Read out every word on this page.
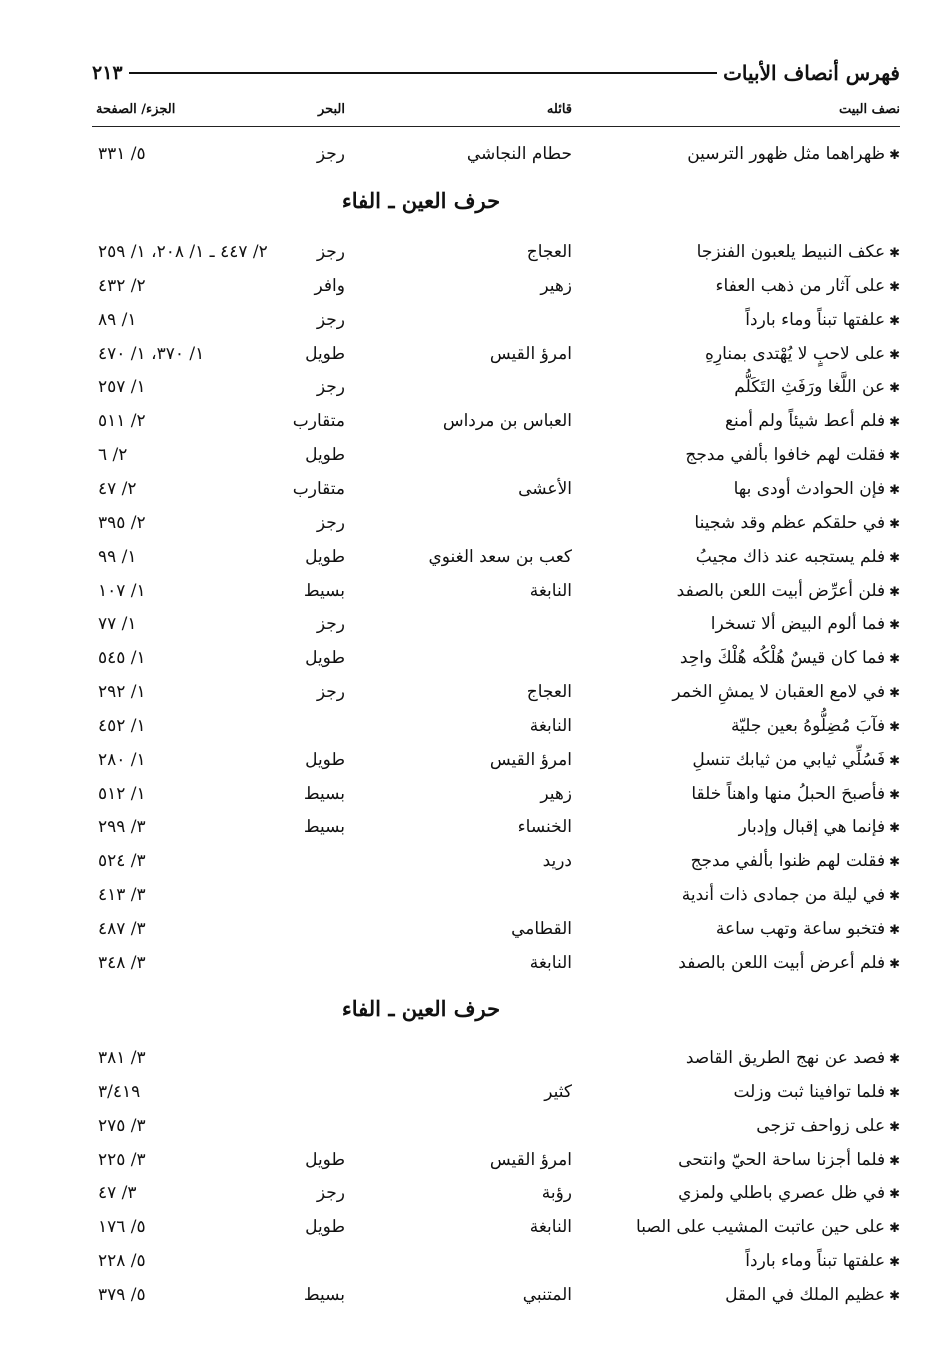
فهرس أنصاف الأبيات
٢١٣
نصف البيت
قائله
البحر
الجزء/ الصفحة
✱ظهراهما مثل ظهور الترسين
حطام النجاشي
رجز
٥/ ٣٣١
حرف العين ـ الفاء
✱عكف النبيط يلعبون الفنزجا
العجاج
رجز
٢/ ٤٤٧ ـ ١/ ٢٠٨، ١/ ٢٥٩
✱على آثار من ذهب العفاء
زهير
وافر
٢/ ٤٣٢
✱علفتها تبناً وماء بارداً
رجز
١/ ٨٩
✱على لاحبٍ لا يُهْتدى بمنارِهِ
امرؤ القيس
طويل
١/ ٣٧٠، ١/ ٤٧٠
✱عن اللَّغا ورَفَثِ التَكَلُّم
رجز
١/ ٢٥٧
✱فلم أعط شيئاً ولم أمنع
العباس بن مرداس
متقارب
٢/ ٥١١
✱فقلت لهم خافوا بألفي مدجج
طويل
٢/ ٦
✱فإن الحوادث أودى بها
الأعشى
متقارب
٢/ ٤٧
✱في حلقكم عظم وقد شجينا
رجز
٢/ ٣٩٥
✱فلم يستجبه عند ذاك مجيبُ
كعب بن سعد الغنوي
طويل
١/ ٩٩
✱فلن أعرِّض أبيت اللعن بالصفد
النابغة
بسيط
١/ ١٠٧
✱فما ألوم البيض ألا تسخرا
رجز
١/ ٧٧
✱فما كان قيسٌ هُلْكُه هُلْكَ واحِد
طويل
١/ ٥٤٥
✱في لامع العقبان لا يمشِ الخمر
العجاج
رجز
١/ ٢٩٢
✱فآبَ مُضِلُّوهُ بعين جليّة
النابغة
١/ ٤٥٢
✱فَسُلِّي ثيابي من ثيابك تنسلِ
امرؤ القيس
طويل
١/ ٢٨٠
✱فأصبحَ الحبلُ منها واهناً خلقا
زهير
بسيط
١/ ٥١٢
✱فإنما هي إقبال وإدبار
الخنساء
بسيط
٣/ ٢٩٩
✱فقلت لهم ظنوا بألفي مدجج
دريد
٣/ ٥٢٤
✱في ليلة من جمادى ذات أندية
٣/ ٤١٣
✱فتخبو ساعة وتهب ساعة
القطامي
٣/ ٤٨٧
✱فلم أعرض أبيت اللعن بالصفد
النابغة
٣/ ٣٤٨
حرف العين ـ الفاء
✱فصد عن نهج الطريق القاصد
٣/ ٣٨١
✱فلما توافينا ثبت وزلت
كثير
٣/٤١٩
✱على زواحف تزجى
٣/ ٢٧٥
✱فلما أجزنا ساحة الحيّ وانتحى
امرؤ القيس
طويل
٣/ ٢٢٥
✱في ظل عصري باطلي ولمزي
رؤبة
رجز
٣/ ٤٧
✱على حين عاتبت المشيب على الصبا
النابغة
طويل
٥/ ١٧٦
✱علفتها تبناً وماء بارداً
٥/ ٢٢٨
✱عظيم الملك في المقل
المتنبي
بسيط
٥/ ٣٧٩
